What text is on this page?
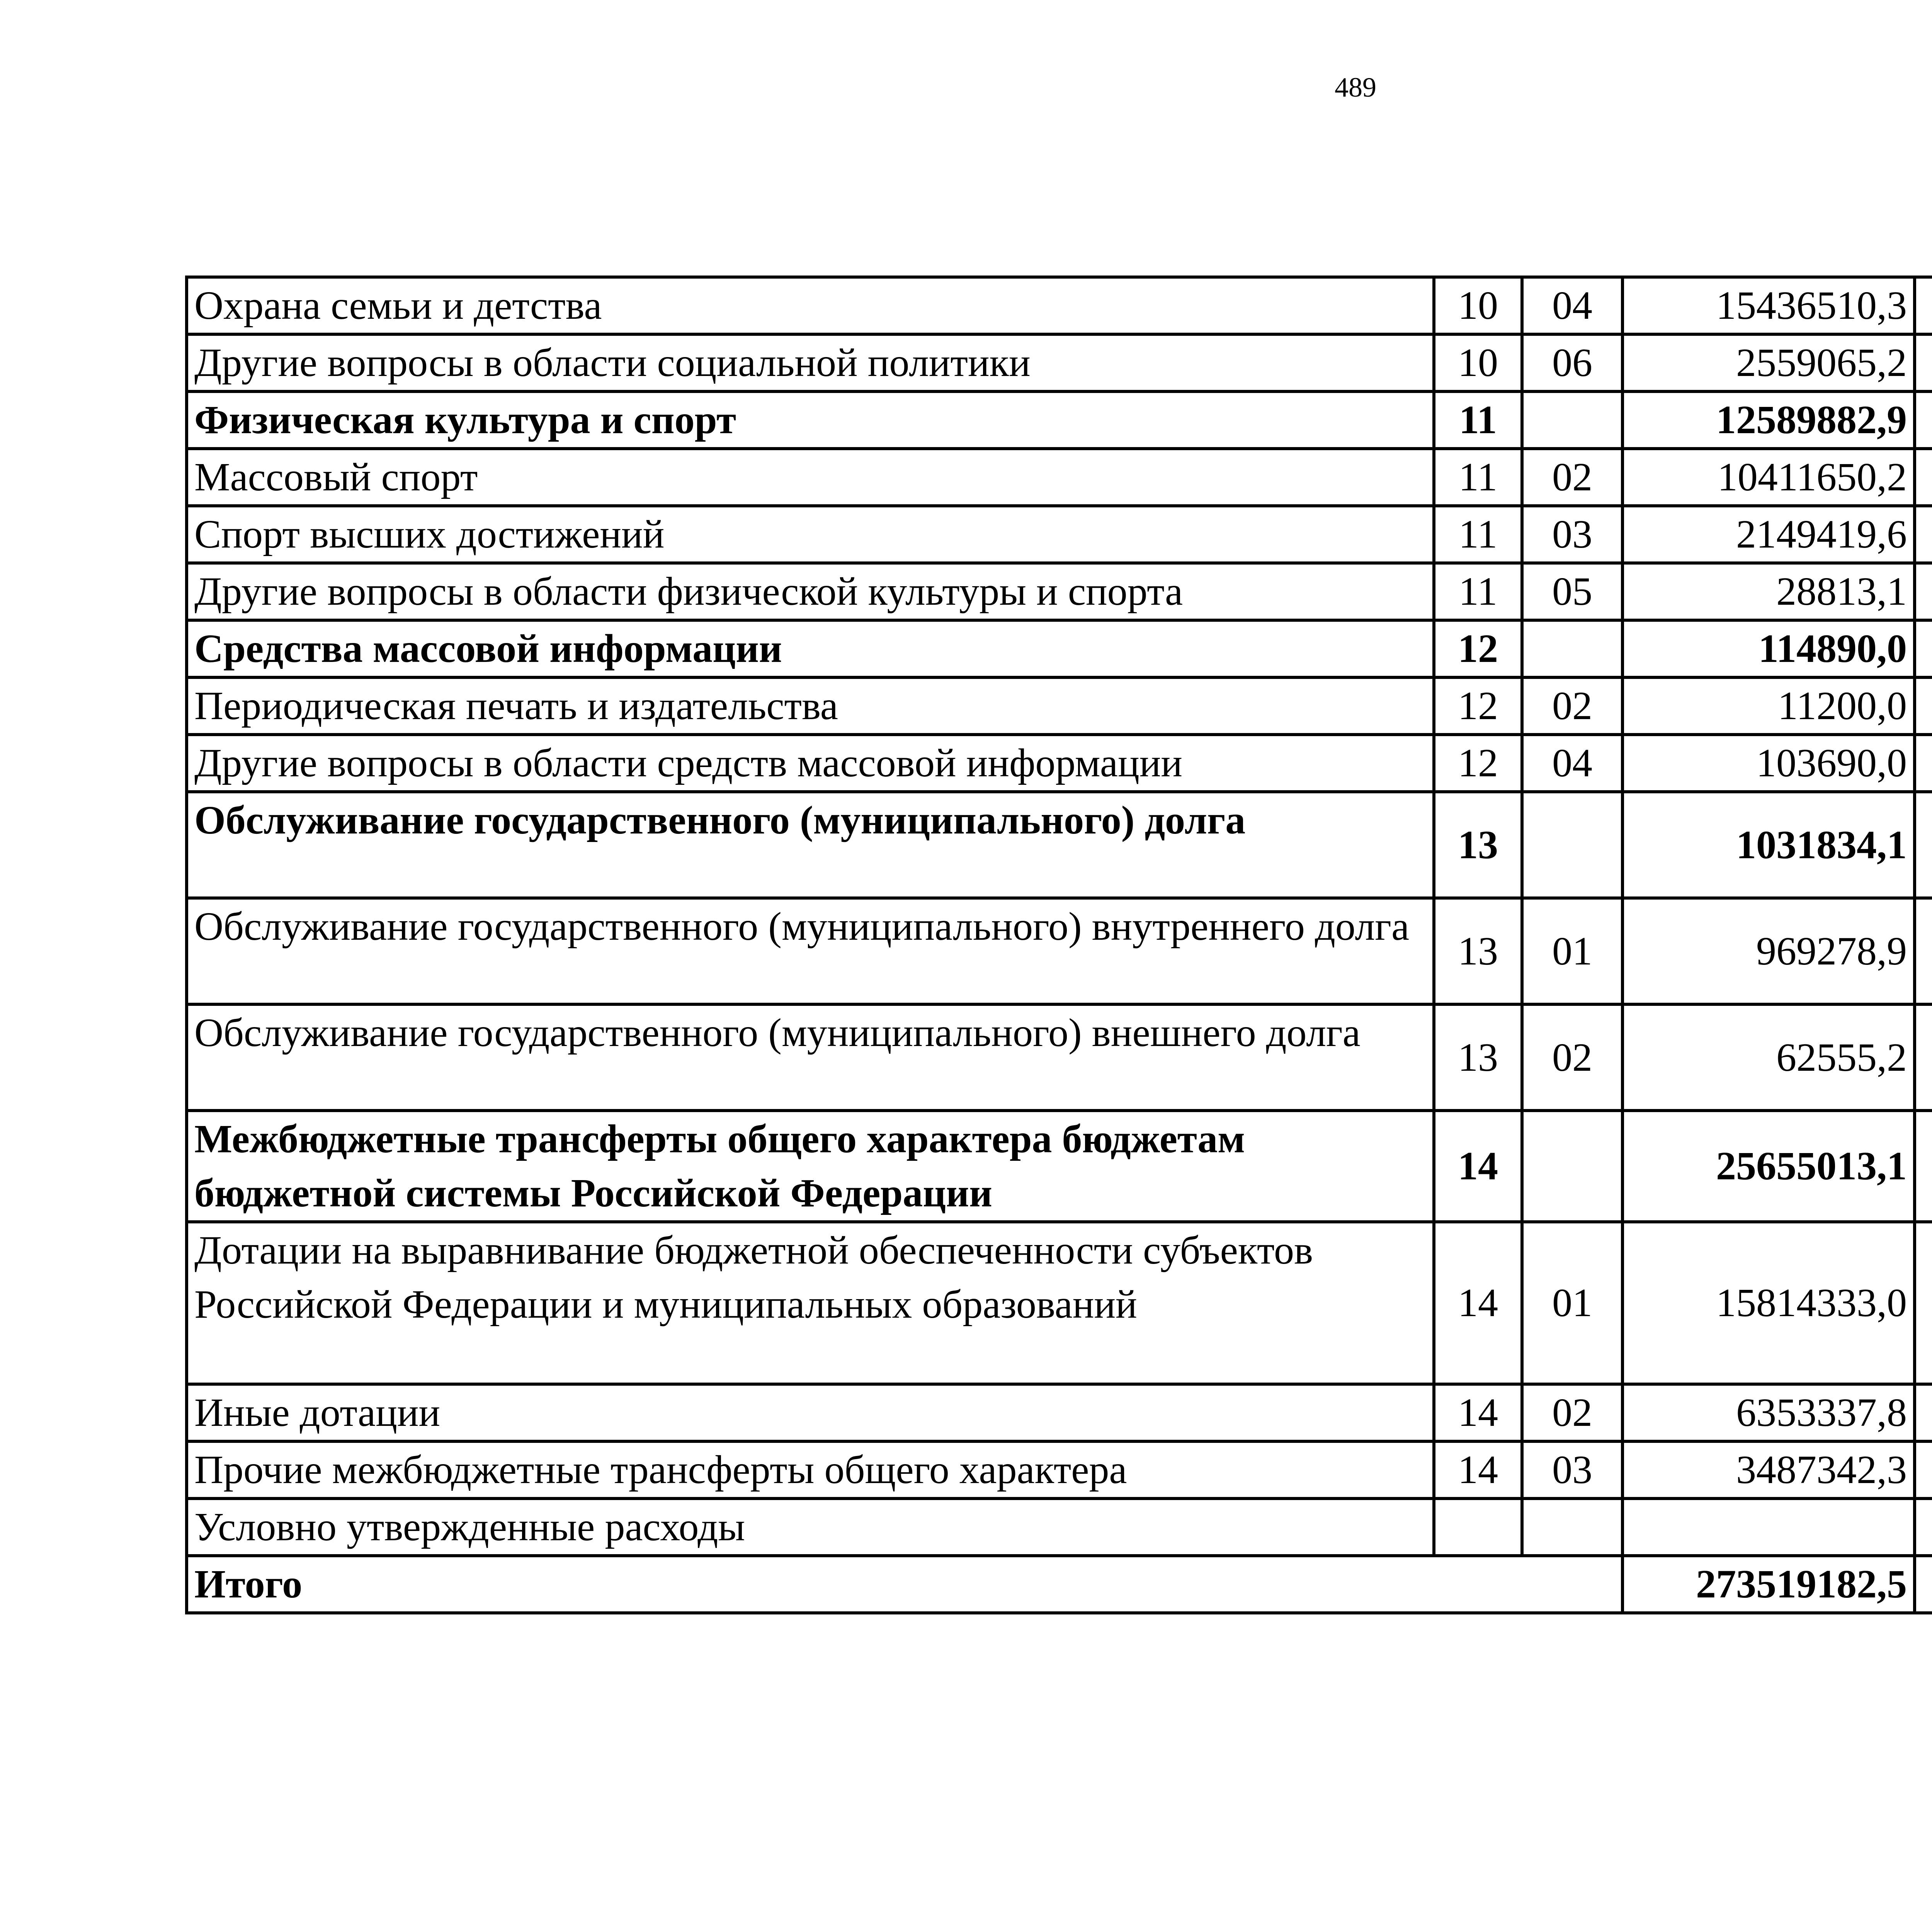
489
Охрана семьи и детства	10	04	15436510,3		
Другие вопросы в области социальной политики	10	06	2559065,2		
Физическая культура и спорт	11		12589882,9		
Массовый спорт	11	02	10411650,2		
Спорт высших достижений	11	03	2149419,6		
Другие вопросы в области физической культуры и спорта	11	05	28813,1		
Средства массовой информации	12		114890,0		
Периодическая печать и издательства	12	02	11200,0		
Другие вопросы в области средств массовой информации	12	04	103690,0		
Обслуживание государственного (муниципального) долга	13		1031834,1		
Обслуживание государственного (муниципального) внутреннего долга	13	01	969278,9		
Обслуживание государственного (муниципального) внешнего долга	13	02	62555,2		
Межбюджетные трансферты общего характера бюджетам бюджетной системы Российской Федерации	14		25655013,1		
Дотации на выравнивание бюджетной обеспеченности субъектов Российской Федерации и муниципальных образований	14	01	15814333,0		
Иные дотации	14	02	6353337,8		
Прочие межбюджетные трансферты общего характера	14	03	3487342,3		
Условно утвержденные расходы					
Итого			273519182,5		
